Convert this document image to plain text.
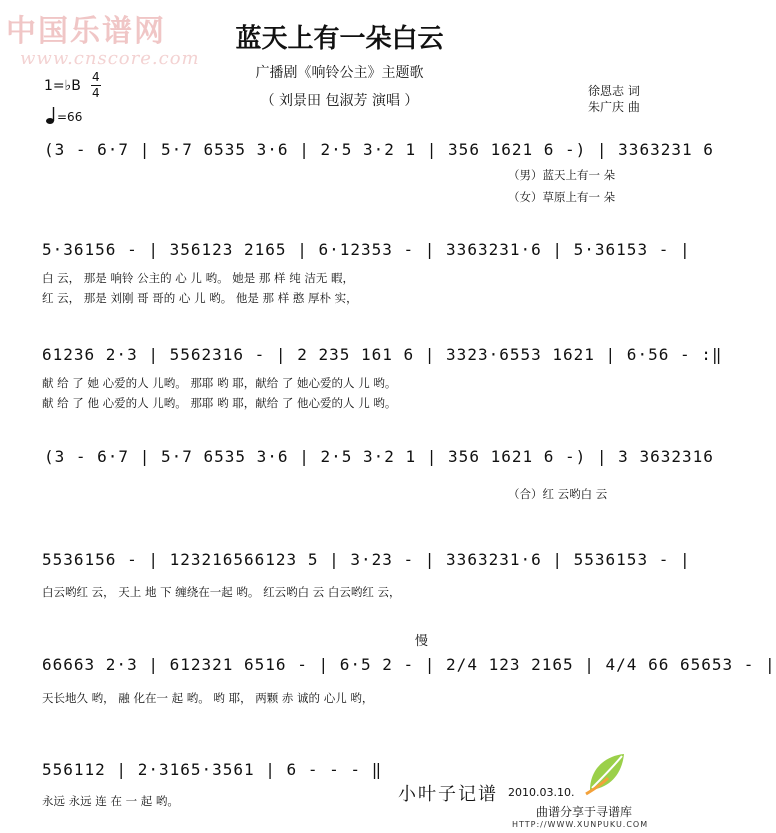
中国乐谱网
www.cnscore.com
蓝天上有一朵白云
广播剧《响铃公主》主题歌
（ 刘景田 包淑芳 演唱 ）
徐恩志 词
朱广庆 曲
1=♭B
4
4
=66
(3 - 6·7 | 5·7 6535 3·6 | 2·5 3·2 1 | 356 1621 6 -) | 3363231 6
（男）蓝天上有一 朵
（女）草原上有一 朵
5·36156 - | 356123 2165 | 6·12353 - | 3363231·6 | 5·36153 - |
白 云， 那是 响铃 公主的 心 儿 哟。 她是 那 样 纯 洁无 暇，
红 云， 那是 刘刚 哥 哥的 心 儿 哟。 他是 那 样 憨 厚朴 实，
61236 2·3 | 5562316 - | 2 235 161 6 | 3323·6553 1621 | 6·56 - :‖
献 给 了 她 心爱的人 儿哟。 那耶 哟 耶，献给 了 她心爱的人 儿 哟。
献 给 了 他 心爱的人 儿哟。 那耶 哟 耶，献给 了 他心爱的人 儿 哟。
(3 - 6·7 | 5·7 6535 3·6 | 2·5 3·2 1 | 356 1621 6 -) | 3 3632316
（合）红 云哟白 云
5536156 - | 123216566123 5 | 3·23 - | 3363231·6 | 5536153 - |
白云哟红 云， 天上 地 下 缠绕在一起 哟。 红云哟白 云 白云哟红 云，
慢
66663 2·3 | 612321 6516 - | 6·5 2 - | 2/4 123 2165 | 4/4 66 65653 - |
天长地久 哟， 融 化在一 起 哟。 哟 耶， 两颗 赤 诚的 心儿 哟，
556112 | 2·3165·3561 | 6 - - - ‖
永远 永远 连 在 一 起 哟。	小叶子记谱 2010.03.10.
曲谱分享于寻谱库
HTTP://WWW.XUNPUKU.COM
